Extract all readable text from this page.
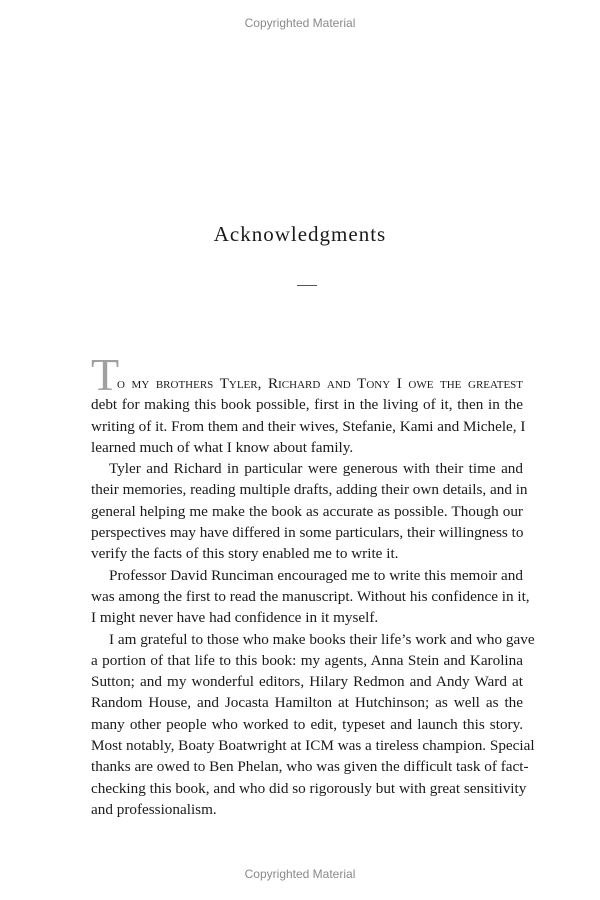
Copyrighted Material
Acknowledgments
T
o my brothers Tyler, Richard and Tony I owe the greatest
debt for making this book possible, first in the living of it, then in the
writing of it. From them and their wives, Stefanie, Kami and Michele, I
learned much of what I know about family.
Tyler and Richard in particular were generous with their time and
their memories, reading multiple drafts, adding their own details, and in
general helping me make the book as accurate as possible. Though our
perspectives may have differed in some particulars, their willingness to
verify the facts of this story enabled me to write it.
Professor David Runciman encouraged me to write this memoir and
was among the first to read the manuscript. Without his confidence in it,
I might never have had confidence in it myself.
I am grateful to those who make books their life’s work and who gave
a portion of that life to this book: my agents, Anna Stein and Karolina
Sutton; and my wonderful editors, Hilary Redmon and Andy Ward at
Random House, and Jocasta Hamilton at Hutchinson; as well as the
many other people who worked to edit, typeset and launch this story.
Most notably, Boaty Boatwright at ICM was a tireless champion. Special
thanks are owed to Ben Phelan, who was given the difficult task of fact-
checking this book, and who did so rigorously but with great sensitivity
and professionalism.
Copyrighted Material
